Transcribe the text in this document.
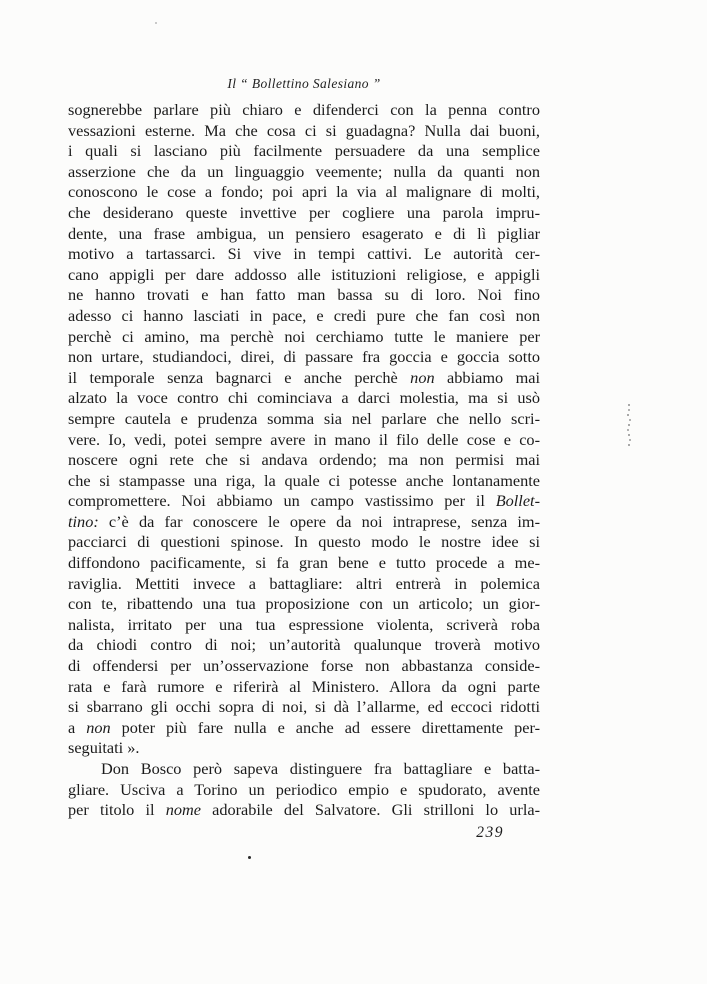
Il “ Bollettino Salesiano ”
sognerebbe parlare più chiaro e difenderci con la penna contro
vessazioni esterne. Ma che cosa ci si guadagna? Nulla dai buoni,
i quali si lasciano più facilmente persuadere da una semplice
asserzione che da un linguaggio veemente; nulla da quanti non
conoscono le cose a fondo; poi apri la via al malignare di molti,
che desiderano queste invettive per cogliere una parola impru-
dente, una frase ambigua, un pensiero esagerato e di lì pigliar
motivo a tartassarci. Si vive in tempi cattivi. Le autorità cer-
cano appigli per dare addosso alle istituzioni religiose, e appigli
ne hanno trovati e han fatto man bassa su di loro. Noi fino
adesso ci hanno lasciati in pace, e credi pure che fan così non
perchè ci amino, ma perchè noi cerchiamo tutte le maniere per
non urtare, studiandoci, direi, di passare fra goccia e goccia sotto
il temporale senza bagnarci e anche perchè non abbiamo mai
alzato la voce contro chi cominciava a darci molestia, ma si usò
sempre cautela e prudenza somma sia nel parlare che nello scri-
vere. Io, vedi, potei sempre avere in mano il filo delle cose e co-
noscere ogni rete che si andava ordendo; ma non permisi mai
che si stampasse una riga, la quale ci potesse anche lontanamente
compromettere. Noi abbiamo un campo vastissimo per il Bollet-
tino: c’è da far conoscere le opere da noi intraprese, senza im-
pacciarci di questioni spinose. In questo modo le nostre idee si
diffondono pacificamente, si fa gran bene e tutto procede a me-
raviglia. Mettiti invece a battagliare: altri entrerà in polemica
con te, ribattendo una tua proposizione con un articolo; un gior-
nalista, irritato per una tua espressione violenta, scriverà roba
da chiodi contro di noi; un’autorità qualunque troverà motivo
di offendersi per un’osservazione forse non abbastanza conside-
rata e farà rumore e riferirà al Ministero. Allora da ogni parte
si sbarrano gli occhi sopra di noi, si dà l’allarme, ed eccoci ridotti
a non poter più fare nulla e anche ad essere direttamente per-
seguitati ».
Don Bosco però sapeva distinguere fra battagliare e batta-
gliare. Usciva a Torino un periodico empio e spudorato, avente
per titolo il nome adorabile del Salvatore. Gli strilloni lo urla-
239
